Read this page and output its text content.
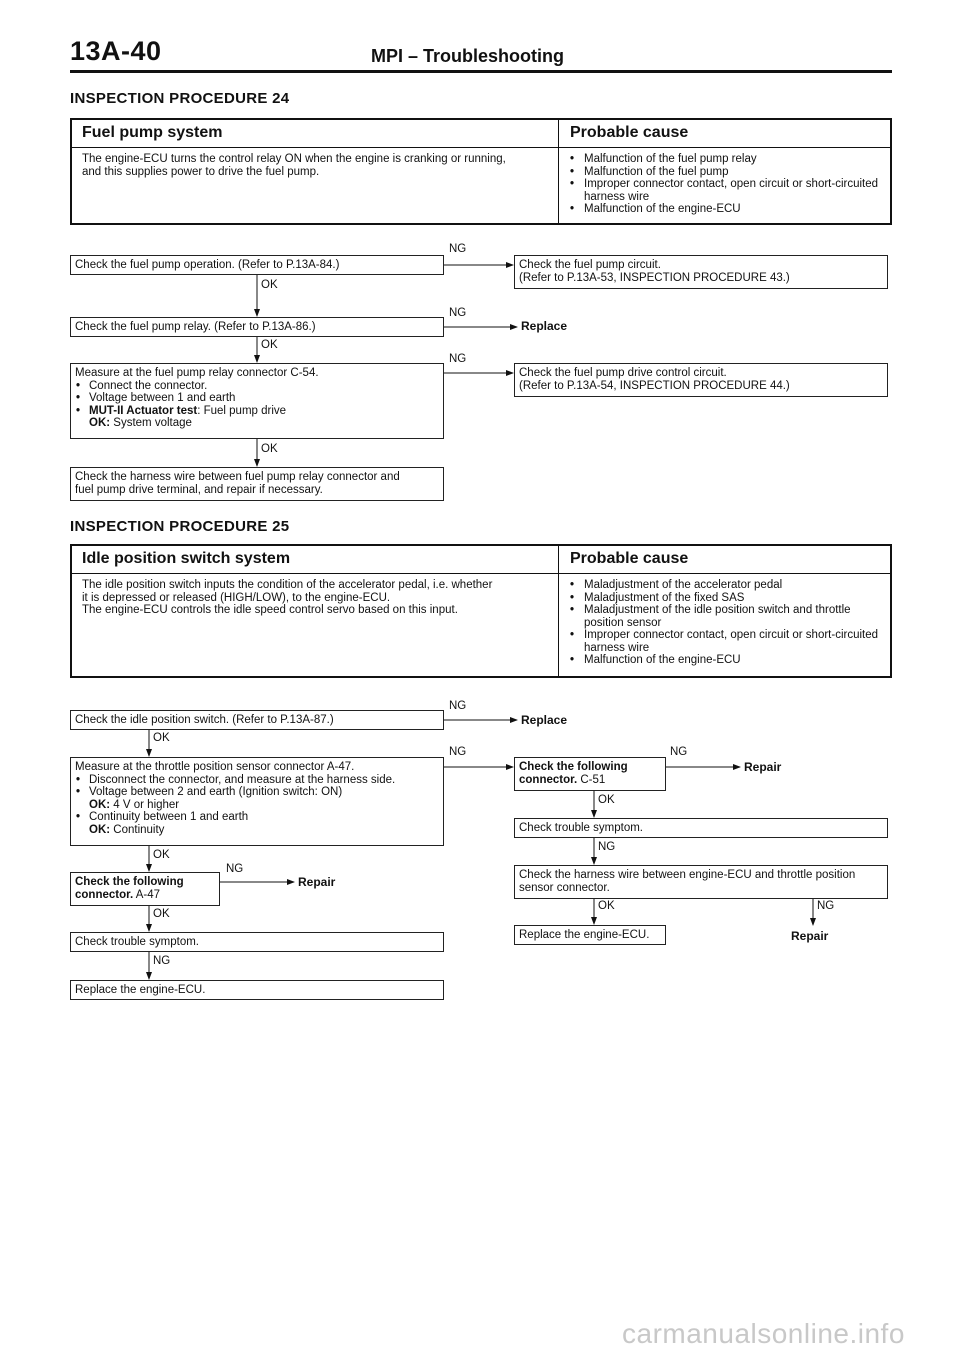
13A-40	MPI – Troubleshooting
INSPECTION PROCEDURE 24
Fuel pump system	Probable cause
The engine-ECU turns the control relay ON when the engine is cranking or running,
and this supplies power to drive the fuel pump.
• Malfunction of the fuel pump relay
• Malfunction of the fuel pump
• Improper connector contact, open circuit or short-circuited harness wire
• Malfunction of the engine-ECU
Check the fuel pump operation. (Refer to P.13A-84.)	Check the fuel pump circuit.
(Refer to P.13A-53, INSPECTION PROCEDURE 43.)
Check the fuel pump relay. (Refer to P.13A-86.)	Replace
Measure at the fuel pump relay connector C-54.
• Connect the connector.
• Voltage between 1 and earth
• MUT-II Actuator test: Fuel pump drive
OK: System voltage
Check the fuel pump drive control circuit.
(Refer to P.13A-54, INSPECTION PROCEDURE 44.)
Check the harness wire between fuel pump relay connector and
fuel pump drive terminal, and repair if necessary.
NG
OK
NG
OK
NG
OK
INSPECTION PROCEDURE 25
Idle position switch system	Probable cause
The idle position switch inputs the condition of the accelerator pedal, i.e. whether
it is depressed or released (HIGH/LOW), to the engine-ECU.
The engine-ECU controls the idle speed control servo based on this input.
• Maladjustment of the accelerator pedal
• Maladjustment of the fixed SAS
• Maladjustment of the idle position switch and throttle position sensor
• Improper connector contact, open circuit or short-circuited harness wire
• Malfunction of the engine-ECU
Check the idle position switch. (Refer to P.13A-87.)	Replace
Measure at the throttle position sensor connector A-47.
• Disconnect the connector, and measure at the harness side.
• Voltage between 2 and earth (Ignition switch: ON)
OK: 4 V or higher
• Continuity between 1 and earth
OK: Continuity
Check the following connector. A-47
Repair
Check trouble symptom.
Replace the engine-ECU.
Check the following connector. C-51
Repair
Check trouble symptom.
Check the harness wire between engine-ECU and throttle position
sensor connector.
Replace the engine-ECU.	Repair
NG
OK
NG	NG
OK
NG
OK
NG
OK	NG
OK
NG
carmanualsonline.info
